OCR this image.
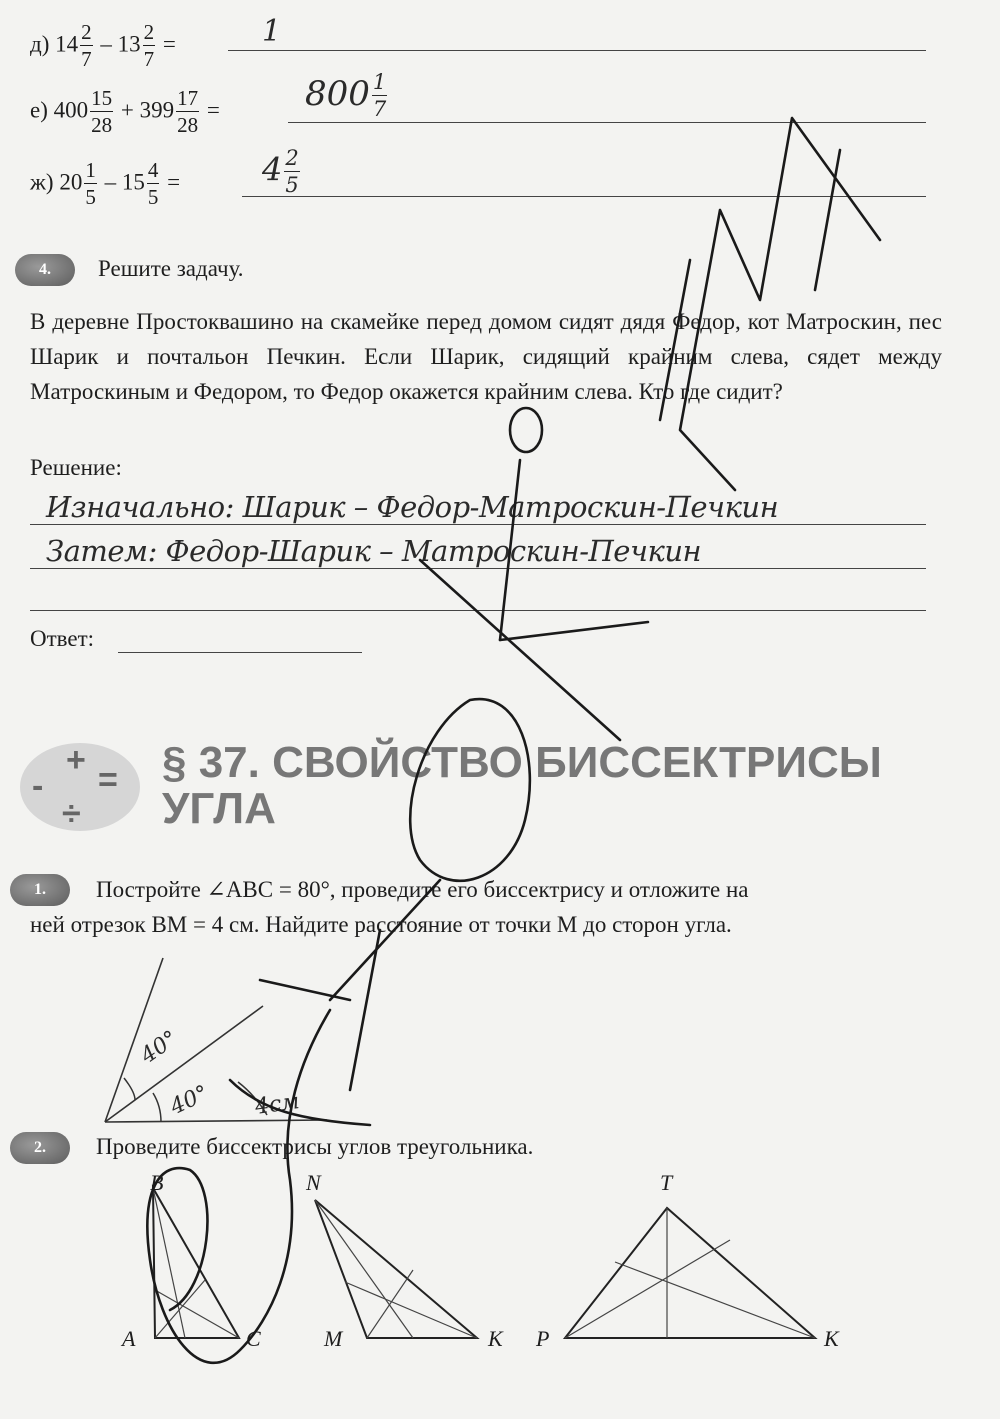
д) $14 \frac{2}{7} - 13 \frac{2}{7}$ =	1
е) $400 \frac{15}{28} + 399 \frac{17}{28}$ =	$800 \frac{1}{7}$
ж) $20 \frac{1}{5} - 15 \frac{4}{5}$ =	$4 \frac{2}{5}$
4.	Решите задачу.
В деревне Простоквашино на скамейке перед домом сидят дядя Федор, кот Матроскин, пес Шарик и почтальон Печкин. Если Шарик, сидящий крайним слева, сядет между Матроскиным и Федором, то Федор окажется крайним слева. Кто где сидит?
Решение:
Изначально: Шарик – Федор-Матроскин-Печкин
Затем: Федор-Шарик – Матроскин-Печкин
Ответ:
+
- =
÷
§ 37. СВОЙСТВО БИССЕКТРИСЫ
УГЛА
1.	Постройте ∠ABC = 80°, проведите его биссектрису и отложите на
ней отрезок BM = 4 см. Найдите расстояние от точки M до сторон угла.
40°
40° 4см
2.	Проведите биссектрисы углов треугольника.
B
A	C
N
M	K
T
P	K
